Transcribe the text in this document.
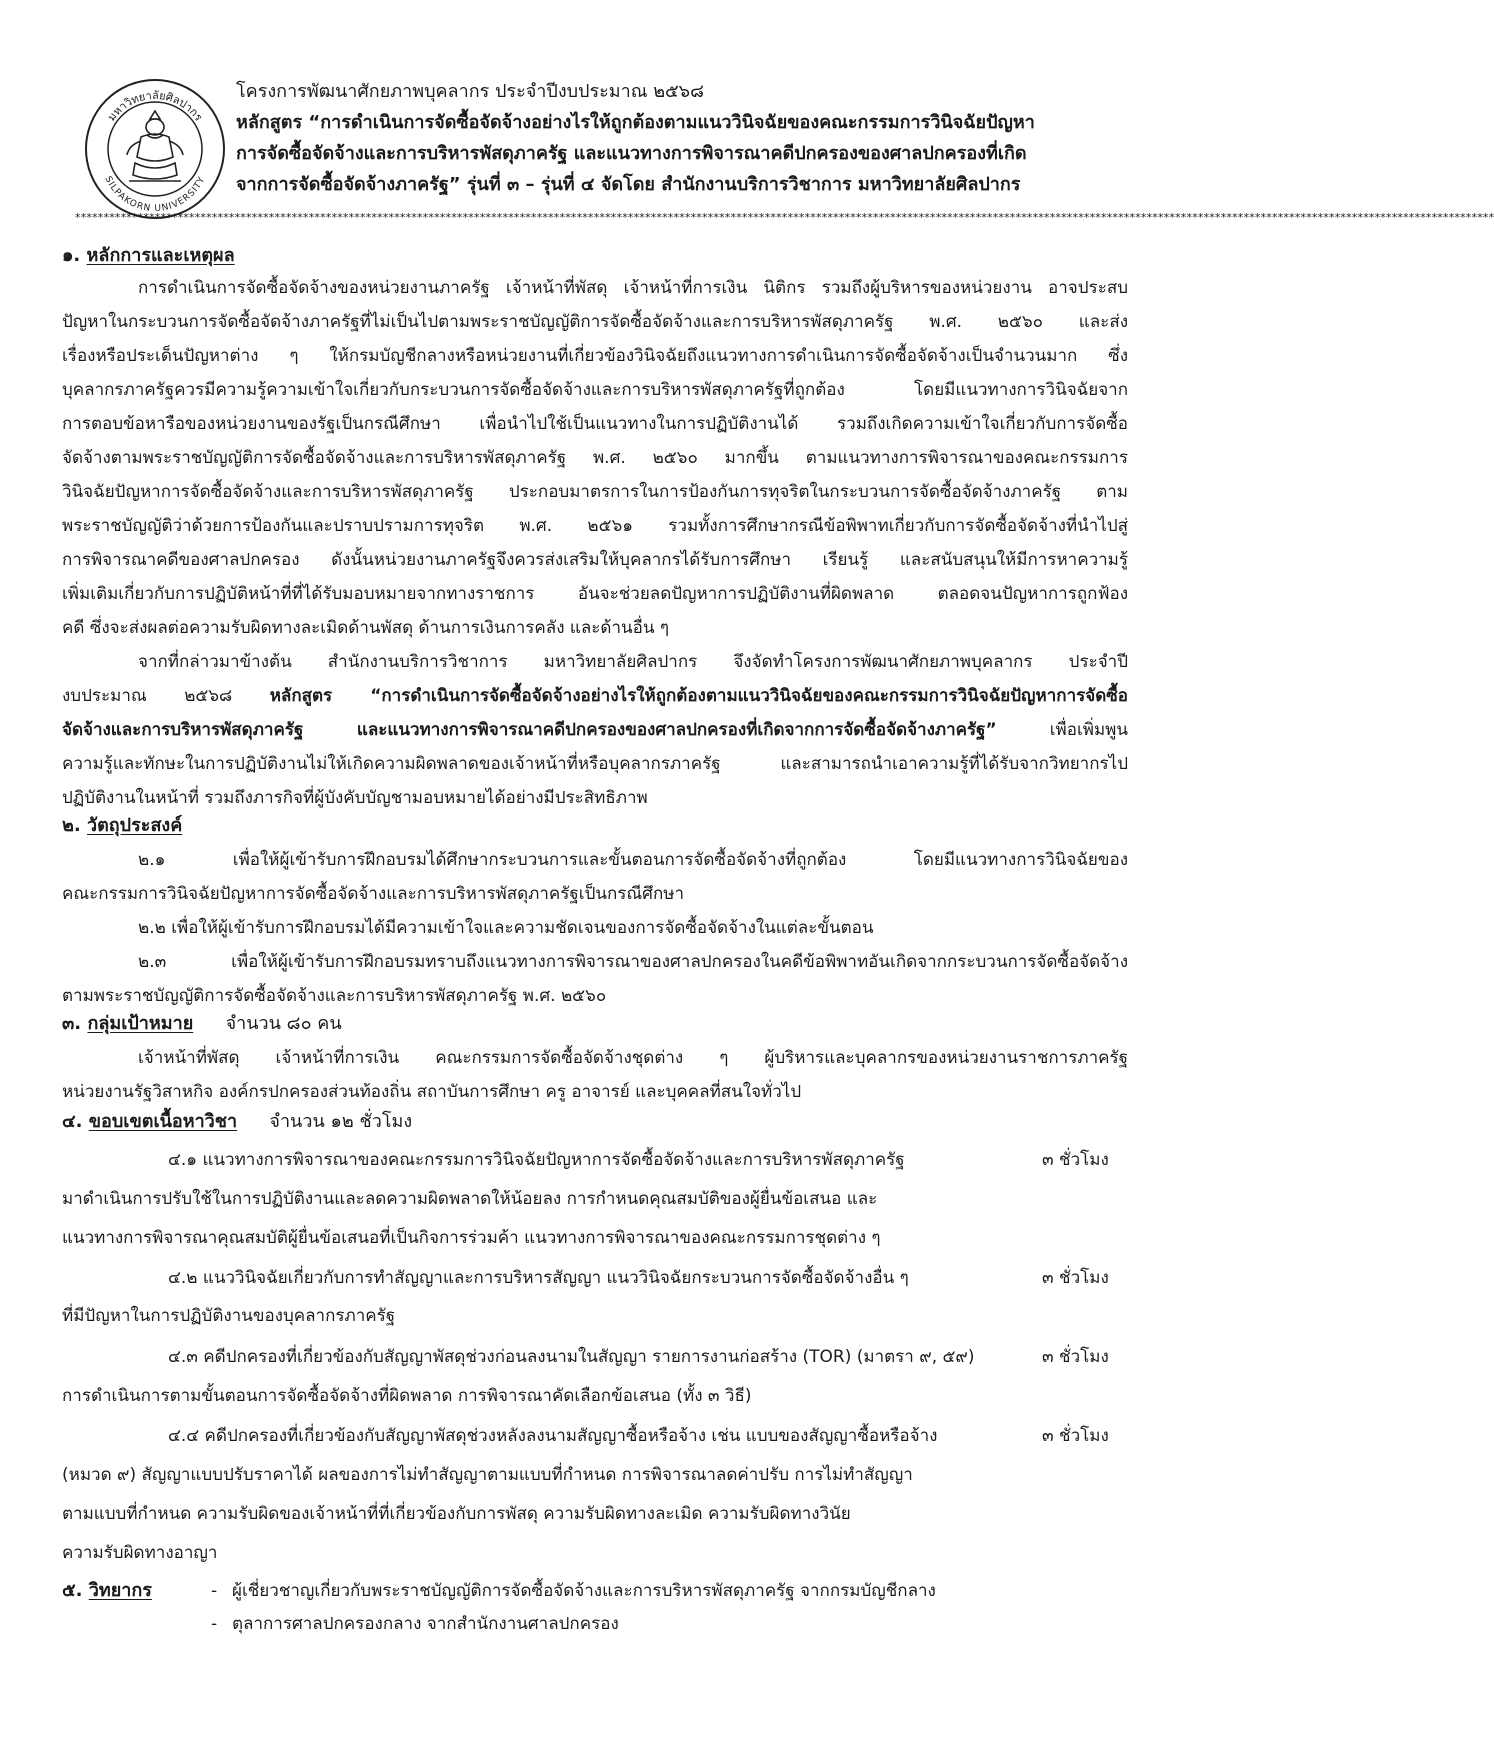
มหาวิทยาลัยศิลปากร
SILPAKORN UNIVERSITY
โครงการพัฒนาศักยภาพบุคลากร ประจำปีงบประมาณ ๒๕๖๘
หลักสูตร “การดำเนินการจัดซื้อจัดจ้างอย่างไรให้ถูกต้องตามแนววินิจฉัยของคณะกรรมการวินิจฉัยปัญหา
การจัดซื้อจัดจ้างและการบริหารพัสดุภาครัฐ และแนวทางการพิจารณาคดีปกครองของศาลปกครองที่เกิด
จากการจัดซื้อจัดจ้างภาครัฐ” รุ่นที่ ๓ – รุ่นที่ ๔ จัดโดย สำนักงานบริการวิชาการ มหาวิทยาลัยศิลปากร
*********************************************************************************************************************************************************************************************************************************************************
๑. หลักการและเหตุผล
การดำเนินการจัดซื้อจัดจ้างของหน่วยงานภาครัฐ เจ้าหน้าที่พัสดุ เจ้าหน้าที่การเงิน นิติกร รวมถึงผู้บริหารของหน่วยงาน อาจประสบ
ปัญหาในกระบวนการจัดซื้อจัดจ้างภาครัฐที่ไม่เป็นไปตามพระราชบัญญัติการจัดซื้อจัดจ้างและการบริหารพัสดุภาครัฐ พ.ศ. ๒๕๖๐ และส่ง
เรื่องหรือประเด็นปัญหาต่าง ๆ ให้กรมบัญชีกลางหรือหน่วยงานที่เกี่ยวข้องวินิจฉัยถึงแนวทางการดำเนินการจัดซื้อจัดจ้างเป็นจำนวนมาก ซึ่ง
บุคลากรภาครัฐควรมีความรู้ความเข้าใจเกี่ยวกับกระบวนการจัดซื้อจัดจ้างและการบริหารพัสดุภาครัฐที่ถูกต้อง โดยมีแนวทางการวินิจฉัยจาก
การตอบข้อหารือของหน่วยงานของรัฐเป็นกรณีศึกษา เพื่อนำไปใช้เป็นแนวทางในการปฏิบัติงานได้ รวมถึงเกิดความเข้าใจเกี่ยวกับการจัดซื้อ
จัดจ้างตามพระราชบัญญัติการจัดซื้อจัดจ้างและการบริหารพัสดุภาครัฐ พ.ศ. ๒๕๖๐ มากขึ้น ตามแนวทางการพิจารณาของคณะกรรมการ
วินิจฉัยปัญหาการจัดซื้อจัดจ้างและการบริหารพัสดุภาครัฐ ประกอบมาตรการในการป้องกันการทุจริตในกระบวนการจัดซื้อจัดจ้างภาครัฐ ตาม
พระราชบัญญัติว่าด้วยการป้องกันและปราบปรามการทุจริต พ.ศ. ๒๕๖๑ รวมทั้งการศึกษากรณีข้อพิพาทเกี่ยวกับการจัดซื้อจัดจ้างที่นำไปสู่
การพิจารณาคดีของศาลปกครอง ดังนั้นหน่วยงานภาครัฐจึงควรส่งเสริมให้บุคลากรได้รับการศึกษา เรียนรู้ และสนับสนุนให้มีการหาความรู้
เพิ่มเติมเกี่ยวกับการปฏิบัติหน้าที่ที่ได้รับมอบหมายจากทางราชการ อันจะช่วยลดปัญหาการปฏิบัติงานที่ผิดพลาด ตลอดจนปัญหาการถูกฟ้อง
คดี ซึ่งจะส่งผลต่อความรับผิดทางละเมิดด้านพัสดุ ด้านการเงินการคลัง และด้านอื่น ๆ
จากที่กล่าวมาข้างต้น สำนักงานบริการวิชาการ มหาวิทยาลัยศิลปากร จึงจัดทำโครงการพัฒนาศักยภาพบุคลากร ประจำปี
งบประมาณ ๒๕๖๘ หลักสูตร “การดำเนินการจัดซื้อจัดจ้างอย่างไรให้ถูกต้องตามแนววินิจฉัยของคณะกรรมการวินิจฉัยปัญหาการจัดซื้อ
จัดจ้างและการบริหารพัสดุภาครัฐ และแนวทางการพิจารณาคดีปกครองของศาลปกครองที่เกิดจากการจัดซื้อจัดจ้างภาครัฐ” เพื่อเพิ่มพูน
ความรู้และทักษะในการปฏิบัติงานไม่ให้เกิดความผิดพลาดของเจ้าหน้าที่หรือบุคลากรภาครัฐ และสามารถนำเอาความรู้ที่ได้รับจากวิทยากรไป
ปฏิบัติงานในหน้าที่ รวมถึงภารกิจที่ผู้บังคับบัญชามอบหมายได้อย่างมีประสิทธิภาพ
๒. วัตถุประสงค์
๒.๑ เพื่อให้ผู้เข้ารับการฝึกอบรมได้ศึกษากระบวนการและขั้นตอนการจัดซื้อจัดจ้างที่ถูกต้อง โดยมีแนวทางการวินิจฉัยของ
คณะกรรมการวินิจฉัยปัญหาการจัดซื้อจัดจ้างและการบริหารพัสดุภาครัฐเป็นกรณีศึกษา
๒.๒ เพื่อให้ผู้เข้ารับการฝึกอบรมได้มีความเข้าใจและความชัดเจนของการจัดซื้อจัดจ้างในแต่ละขั้นตอน
๒.๓ เพื่อให้ผู้เข้ารับการฝึกอบรมทราบถึงแนวทางการพิจารณาของศาลปกครองในคดีข้อพิพาทอันเกิดจากกระบวนการจัดซื้อจัดจ้าง
ตามพระราชบัญญัติการจัดซื้อจัดจ้างและการบริหารพัสดุภาครัฐ พ.ศ. ๒๕๖๐
๓. กลุ่มเป้าหมาย จำนวน ๘๐ คน
เจ้าหน้าที่พัสดุ เจ้าหน้าที่การเงิน คณะกรรมการจัดซื้อจัดจ้างชุดต่าง ๆ ผู้บริหารและบุคลากรของหน่วยงานราชการภาครัฐ
หน่วยงานรัฐวิสาหกิจ องค์กรปกครองส่วนท้องถิ่น สถาบันการศึกษา ครู อาจารย์ และบุคคลที่สนใจทั่วไป
๔. ขอบเขตเนื้อหาวิชา จำนวน ๑๒ ชั่วโมง
๔.๑ แนวทางการพิจารณาของคณะกรรมการวินิจฉัยปัญหาการจัดซื้อจัดจ้างและการบริหารพัสดุภาครัฐ	๓ ชั่วโมง
มาดำเนินการปรับใช้ในการปฏิบัติงานและลดความผิดพลาดให้น้อยลง การกำหนดคุณสมบัติของผู้ยื่นข้อเสนอ และ
แนวทางการพิจารณาคุณสมบัติผู้ยื่นข้อเสนอที่เป็นกิจการร่วมค้า แนวทางการพิจารณาของคณะกรรมการชุดต่าง ๆ
๔.๒ แนววินิจฉัยเกี่ยวกับการทำสัญญาและการบริหารสัญญา แนววินิจฉัยกระบวนการจัดซื้อจัดจ้างอื่น ๆ	๓ ชั่วโมง
ที่มีปัญหาในการปฏิบัติงานของบุคลากรภาครัฐ
๔.๓ คดีปกครองที่เกี่ยวข้องกับสัญญาพัสดุช่วงก่อนลงนามในสัญญา รายการงานก่อสร้าง (TOR) (มาตรา ๙, ๕๙)	๓ ชั่วโมง
การดำเนินการตามขั้นตอนการจัดซื้อจัดจ้างที่ผิดพลาด การพิจารณาคัดเลือกข้อเสนอ (ทั้ง ๓ วิธี)
๔.๔ คดีปกครองที่เกี่ยวข้องกับสัญญาพัสดุช่วงหลังลงนามสัญญาซื้อหรือจ้าง เช่น แบบของสัญญาซื้อหรือจ้าง	๓ ชั่วโมง
(หมวด ๙) สัญญาแบบปรับราคาได้ ผลของการไม่ทำสัญญาตามแบบที่กำหนด การพิจารณาลดค่าปรับ การไม่ทำสัญญา
ตามแบบที่กำหนด ความรับผิดของเจ้าหน้าที่ที่เกี่ยวข้องกับการพัสดุ ความรับผิดทางละเมิด ความรับผิดทางวินัย
ความรับผิดทางอาญา
๕. วิทยากร	- ผู้เชี่ยวชาญเกี่ยวกับพระราชบัญญัติการจัดซื้อจัดจ้างและการบริหารพัสดุภาครัฐ จากกรมบัญชีกลาง
- ตุลาการศาลปกครองกลาง จากสำนักงานศาลปกครอง
